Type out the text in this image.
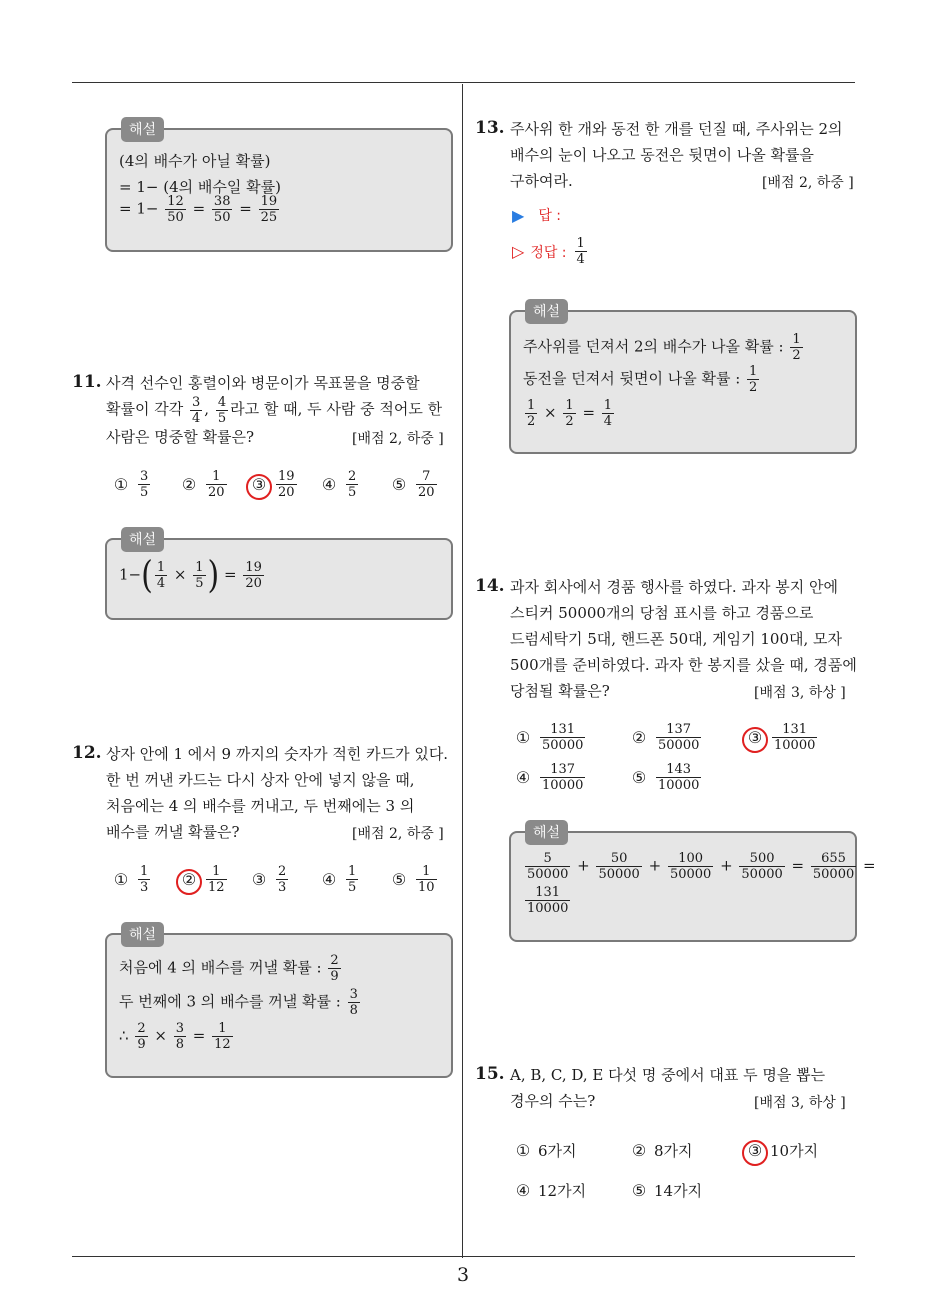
3
해설
(4의 배수가 아닐 확률)
= 1− (4의 배수일 확률)
= $1- \frac{12}{50} = \frac{38}{50} = \frac{19}{25}$
11. 사격 선수인 홍렬이와 병문이가 목표물을 명중할
확률이 각각 $\frac{3}{4}$ , $\frac{4}{5}$ 라고 할 때, 두 사람 중 적어도 한
사람은 명중할 확률은?	[배점 2, 하중 ]
① $\frac{3}{5}$ ② $\frac{1}{20}$ ③ $\frac{19}{20}$ ④ $\frac{2}{5}$ ⑤ $\frac{7}{20}$
해설
$1-( \frac{1}{4} \times \frac{1}{5}$ ) = $\frac{19}{20}$
12. 상자 안에 1 에서 9 까지의 숫자가 적힌 카드가 있다.
한 번 꺼낸 카드는 다시 상자 안에 넣지 않을 때,
처음에는 4 의 배수를 꺼내고, 두 번째에는 3 의
배수를 꺼낼 확률은?	[배점 2, 하중 ]
① $\frac{1}{3}$ ② $\frac{1}{12}$ ③ $\frac{2}{3}$ ④ $\frac{1}{5}$ ⑤ $\frac{1}{10}$
해설
처음에 4 의 배수를 꺼낼 확률 : $\frac{2}{9}$
두 번째에 3 의 배수를 꺼낼 확률 : $\frac{3}{8}$
∴ $\frac{2}{9} \times \frac{3}{8} = \frac{1}{12}$
13. 주사위 한 개와 동전 한 개를 던질 때, 주사위는 2의
배수의 눈이 나오고 동전은 뒷면이 나올 확률을
구하여라.	[배점 2, 하중 ]
▶ 답 :
▷ 정답 : $\frac{1}{4}$
해설
주사위를 던져서 2의 배수가 나올 확률 : $\frac{1}{2}$
동전을 던져서 뒷면이 나올 확률 : $\frac{1}{2}$
$\frac{1}{2} \times \frac{1}{2} = \frac{1}{4}$
14. 과자 회사에서 경품 행사를 하였다. 과자 봉지 안에
스티커 50000개의 당첨 표시를 하고 경품으로
드럼세탁기 5대, 핸드폰 50대, 게임기 100대, 모자
500개를 준비하였다. 과자 한 봉지를 샀을 때, 경품에
당첨될 확률은?	[배점 3, 하상 ]
① $\frac{131}{50000}$	② $\frac{137}{50000}$	③ $\frac{131}{10000}$
④ $\frac{137}{10000}$	⑤ $\frac{143}{10000}$
해설
$\frac{5}{50000} + \frac{50}{50000} + \frac{100}{50000} + \frac{500}{50000} = \frac{655}{50000}$ =
$\frac{131}{10000}$
15. A, B, C, D, E 다섯 명 중에서 대표 두 명을 뽑는
경우의 수는?	[배점 3, 하상 ]
① 6가지	② 8가지	③ 10가지
④ 12가지	⑤ 14가지
